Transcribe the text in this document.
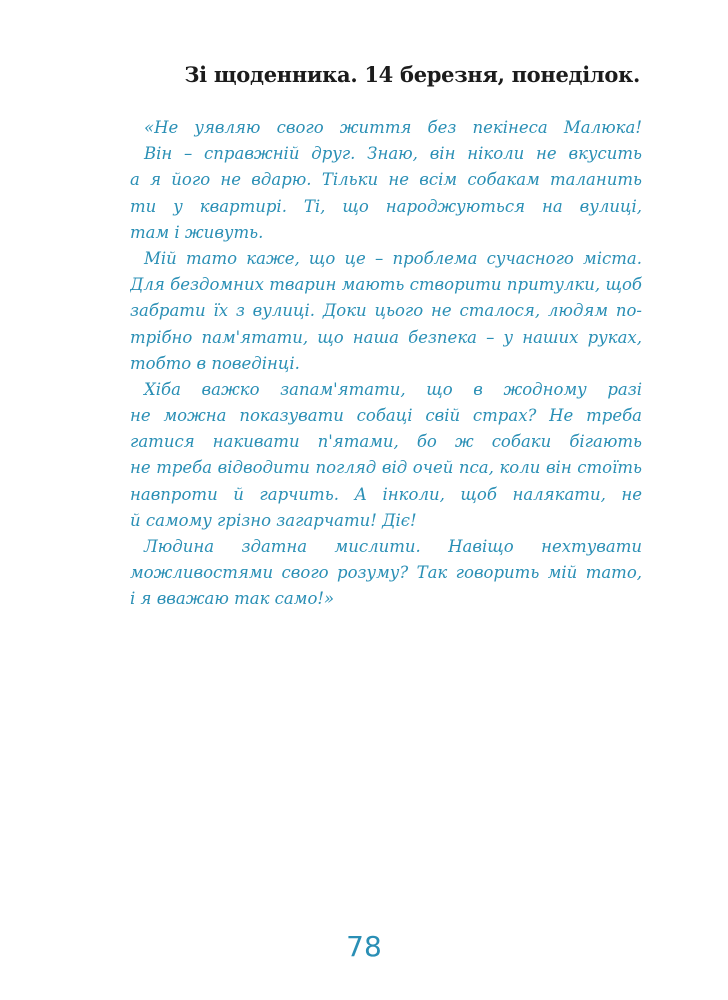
Зі щоденника. 14 березня, понеділок.
«Не уявляю свого життя без пекінеса Малюка!
Він – справжній друг. Знаю, він ніколи не вкусить
а я його не вдарю. Тільки не всім собакам таланить
ти у квартирі. Ті, що народжуються на вулиці,
там і живуть.
Мій тато каже, що це – проблема сучасного міста.
Для бездомних тварин мають створити притулки, щоб
забрати їх з вулиці. Доки цього не сталося, людям по-
трібно пам'ятати, що наша безпека – у наших руках,
тобто в поведінці.
Хіба важко запам'ятати, що в жодному разі
не можна показувати собаці свій страх? Не треба
гатися накивати п'ятами, бо ж собаки бігають
не треба відводити погляд від очей пса, коли він стоїть
навпроти й гарчить. А інколи, щоб налякати, не
й самому грізно загарчати! Діє!
Людина здатна мислити. Навіщо нехтувати
можливостями свого розуму? Так говорить мій тато,
і я вважаю так само!»
78
